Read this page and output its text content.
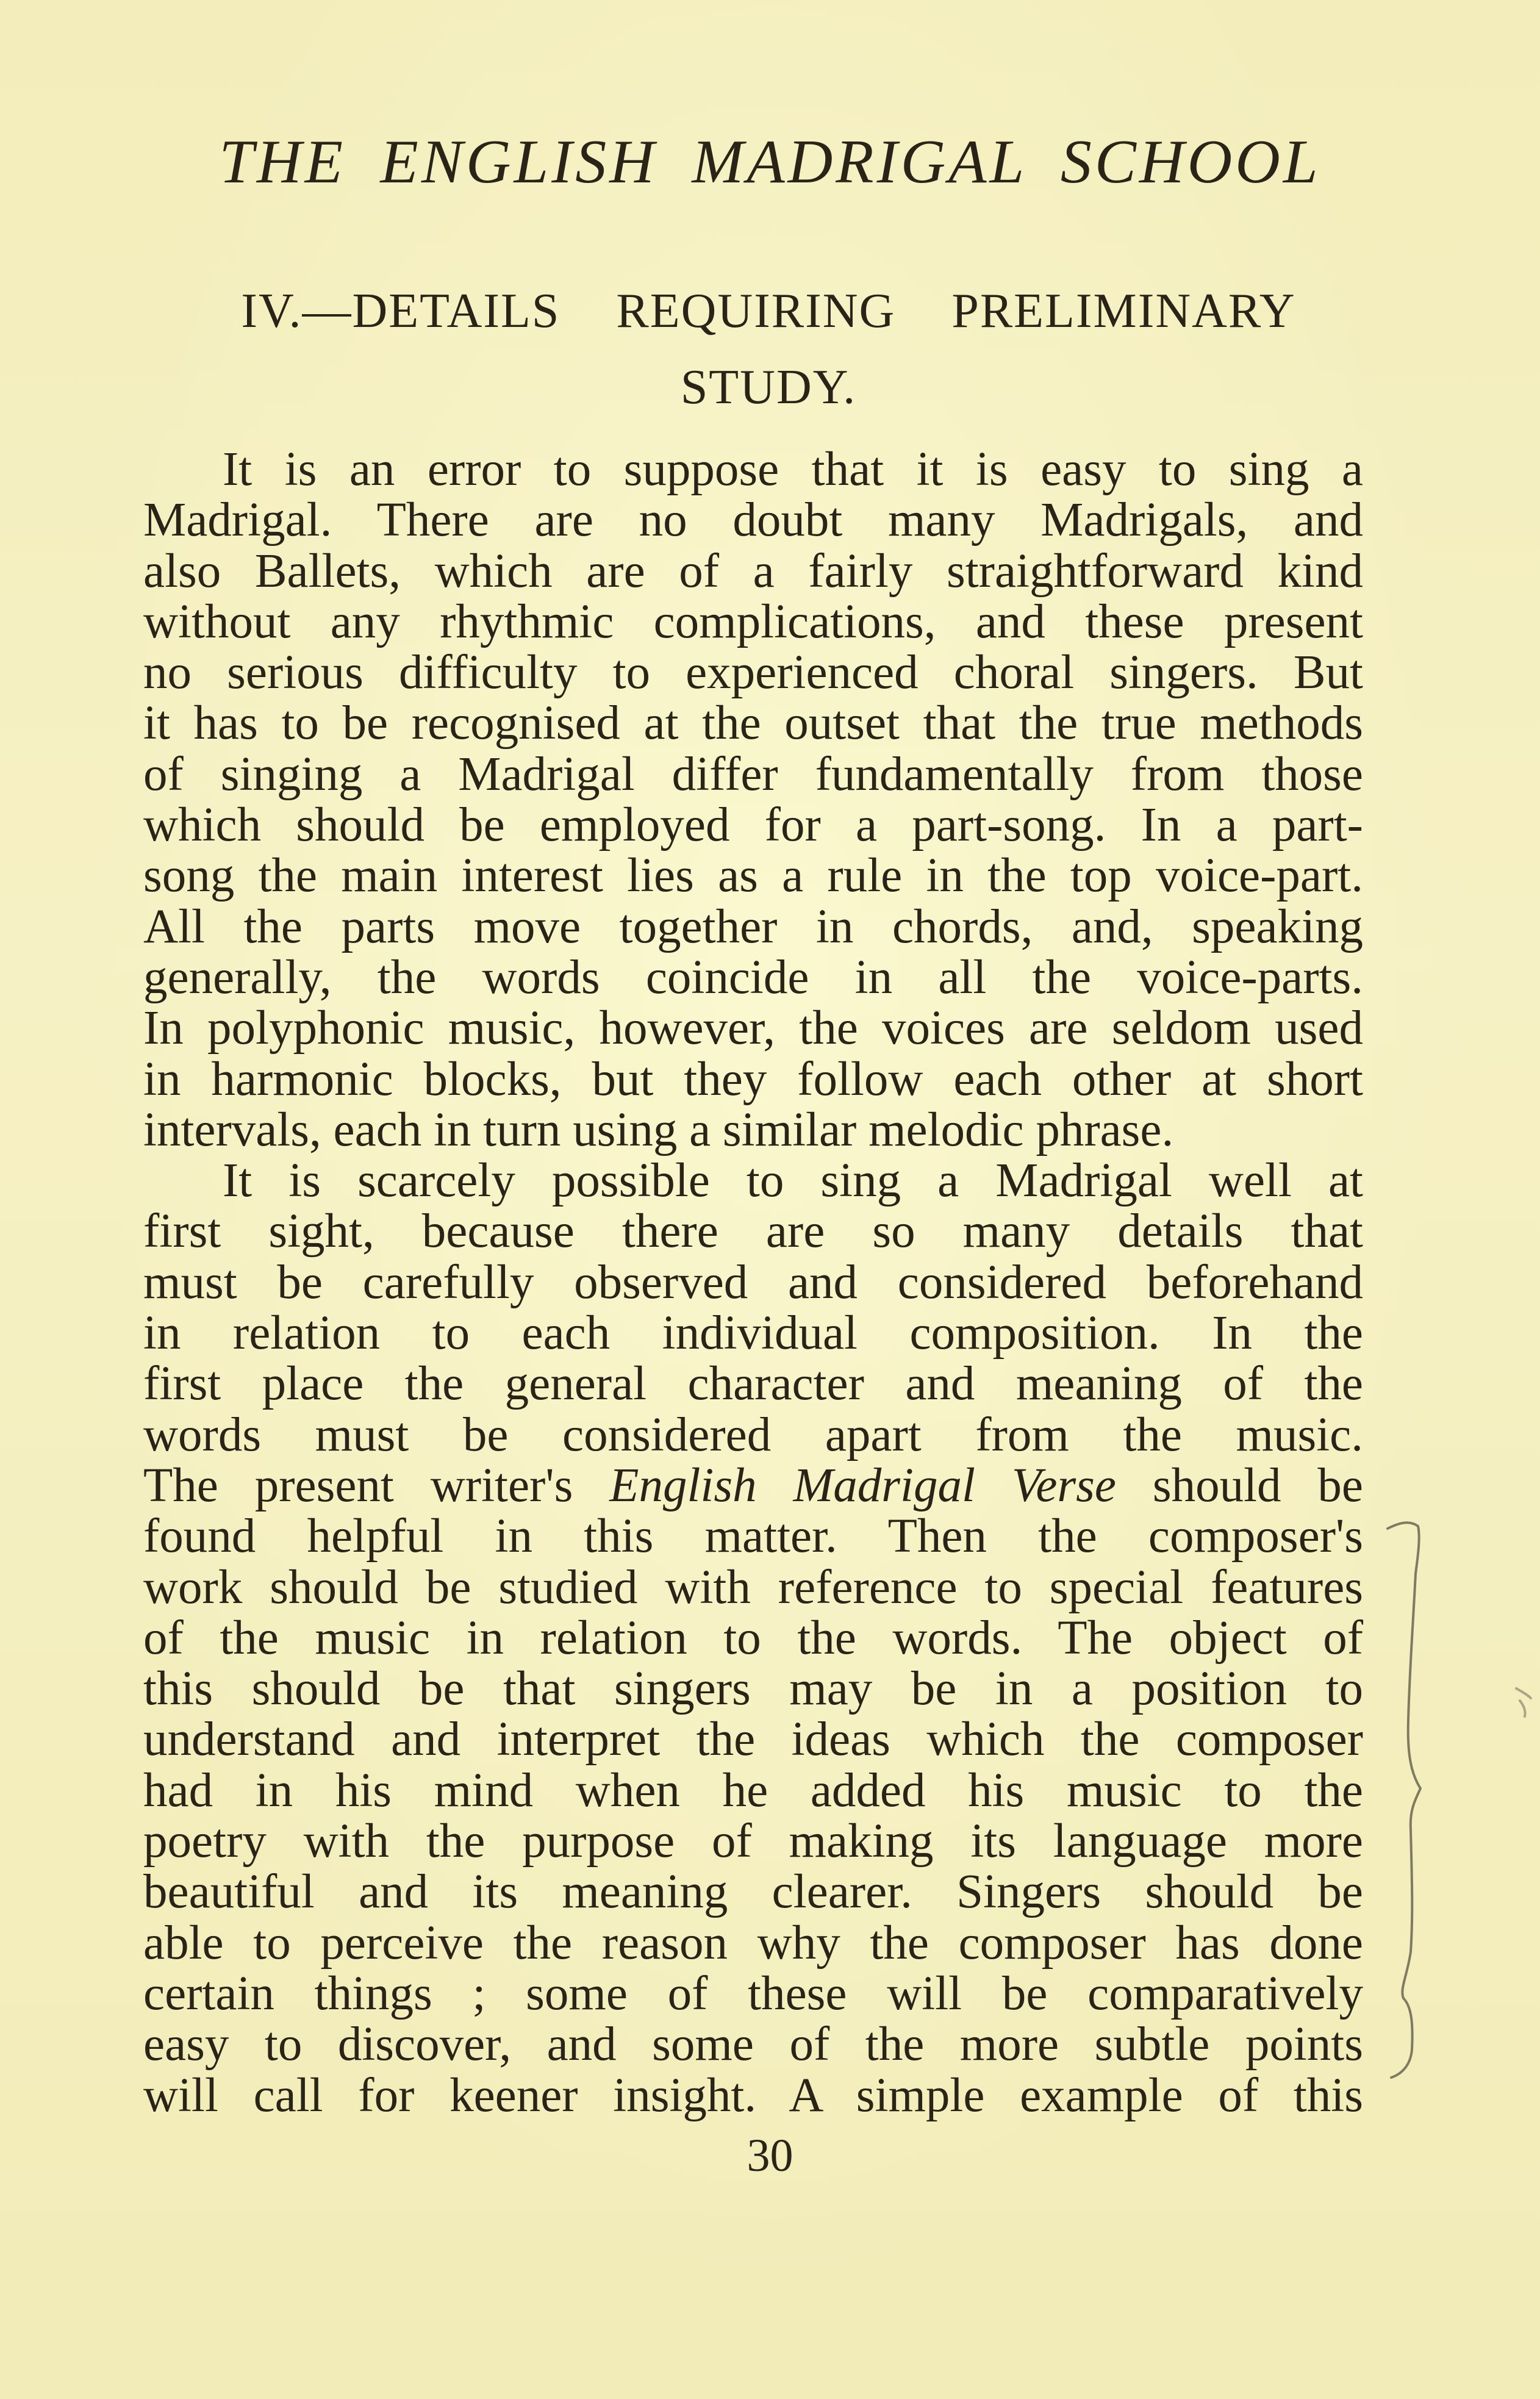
THE ENGLISH MADRIGAL SCHOOL
IV.—DETAILS REQUIRING PRELIMINARY
STUDY.
It is an error to suppose that it is easy to sing a
Madrigal. There are no doubt many Madrigals, and
also Ballets, which are of a fairly straightforward kind
without any rhythmic complications, and these present
no serious difficulty to experienced choral singers. But
it has to be recognised at the outset that the true methods
of singing a Madrigal differ fundamentally from those
which should be employed for a part-song. In a part-
song the main interest lies as a rule in the top voice-part.
All the parts move together in chords, and, speaking
generally, the words coincide in all the voice-parts.
In polyphonic music, however, the voices are seldom used
in harmonic blocks, but they follow each other at short
intervals, each in turn using a similar melodic phrase.
It is scarcely possible to sing a Madrigal well at
first sight, because there are so many details that
must be carefully observed and considered beforehand
in relation to each individual composition. In the
first place the general character and meaning of the
words must be considered apart from the music.
The present writer's English Madrigal Verse should be
found helpful in this matter. Then the composer's
work should be studied with reference to special features
of the music in relation to the words. The object of
this should be that singers may be in a position to
understand and interpret the ideas which the composer
had in his mind when he added his music to the
poetry with the purpose of making its language more
beautiful and its meaning clearer. Singers should be
able to perceive the reason why the composer has done
certain things ; some of these will be comparatively
easy to discover, and some of the more subtle points
will call for keener insight. A simple example of this
30
